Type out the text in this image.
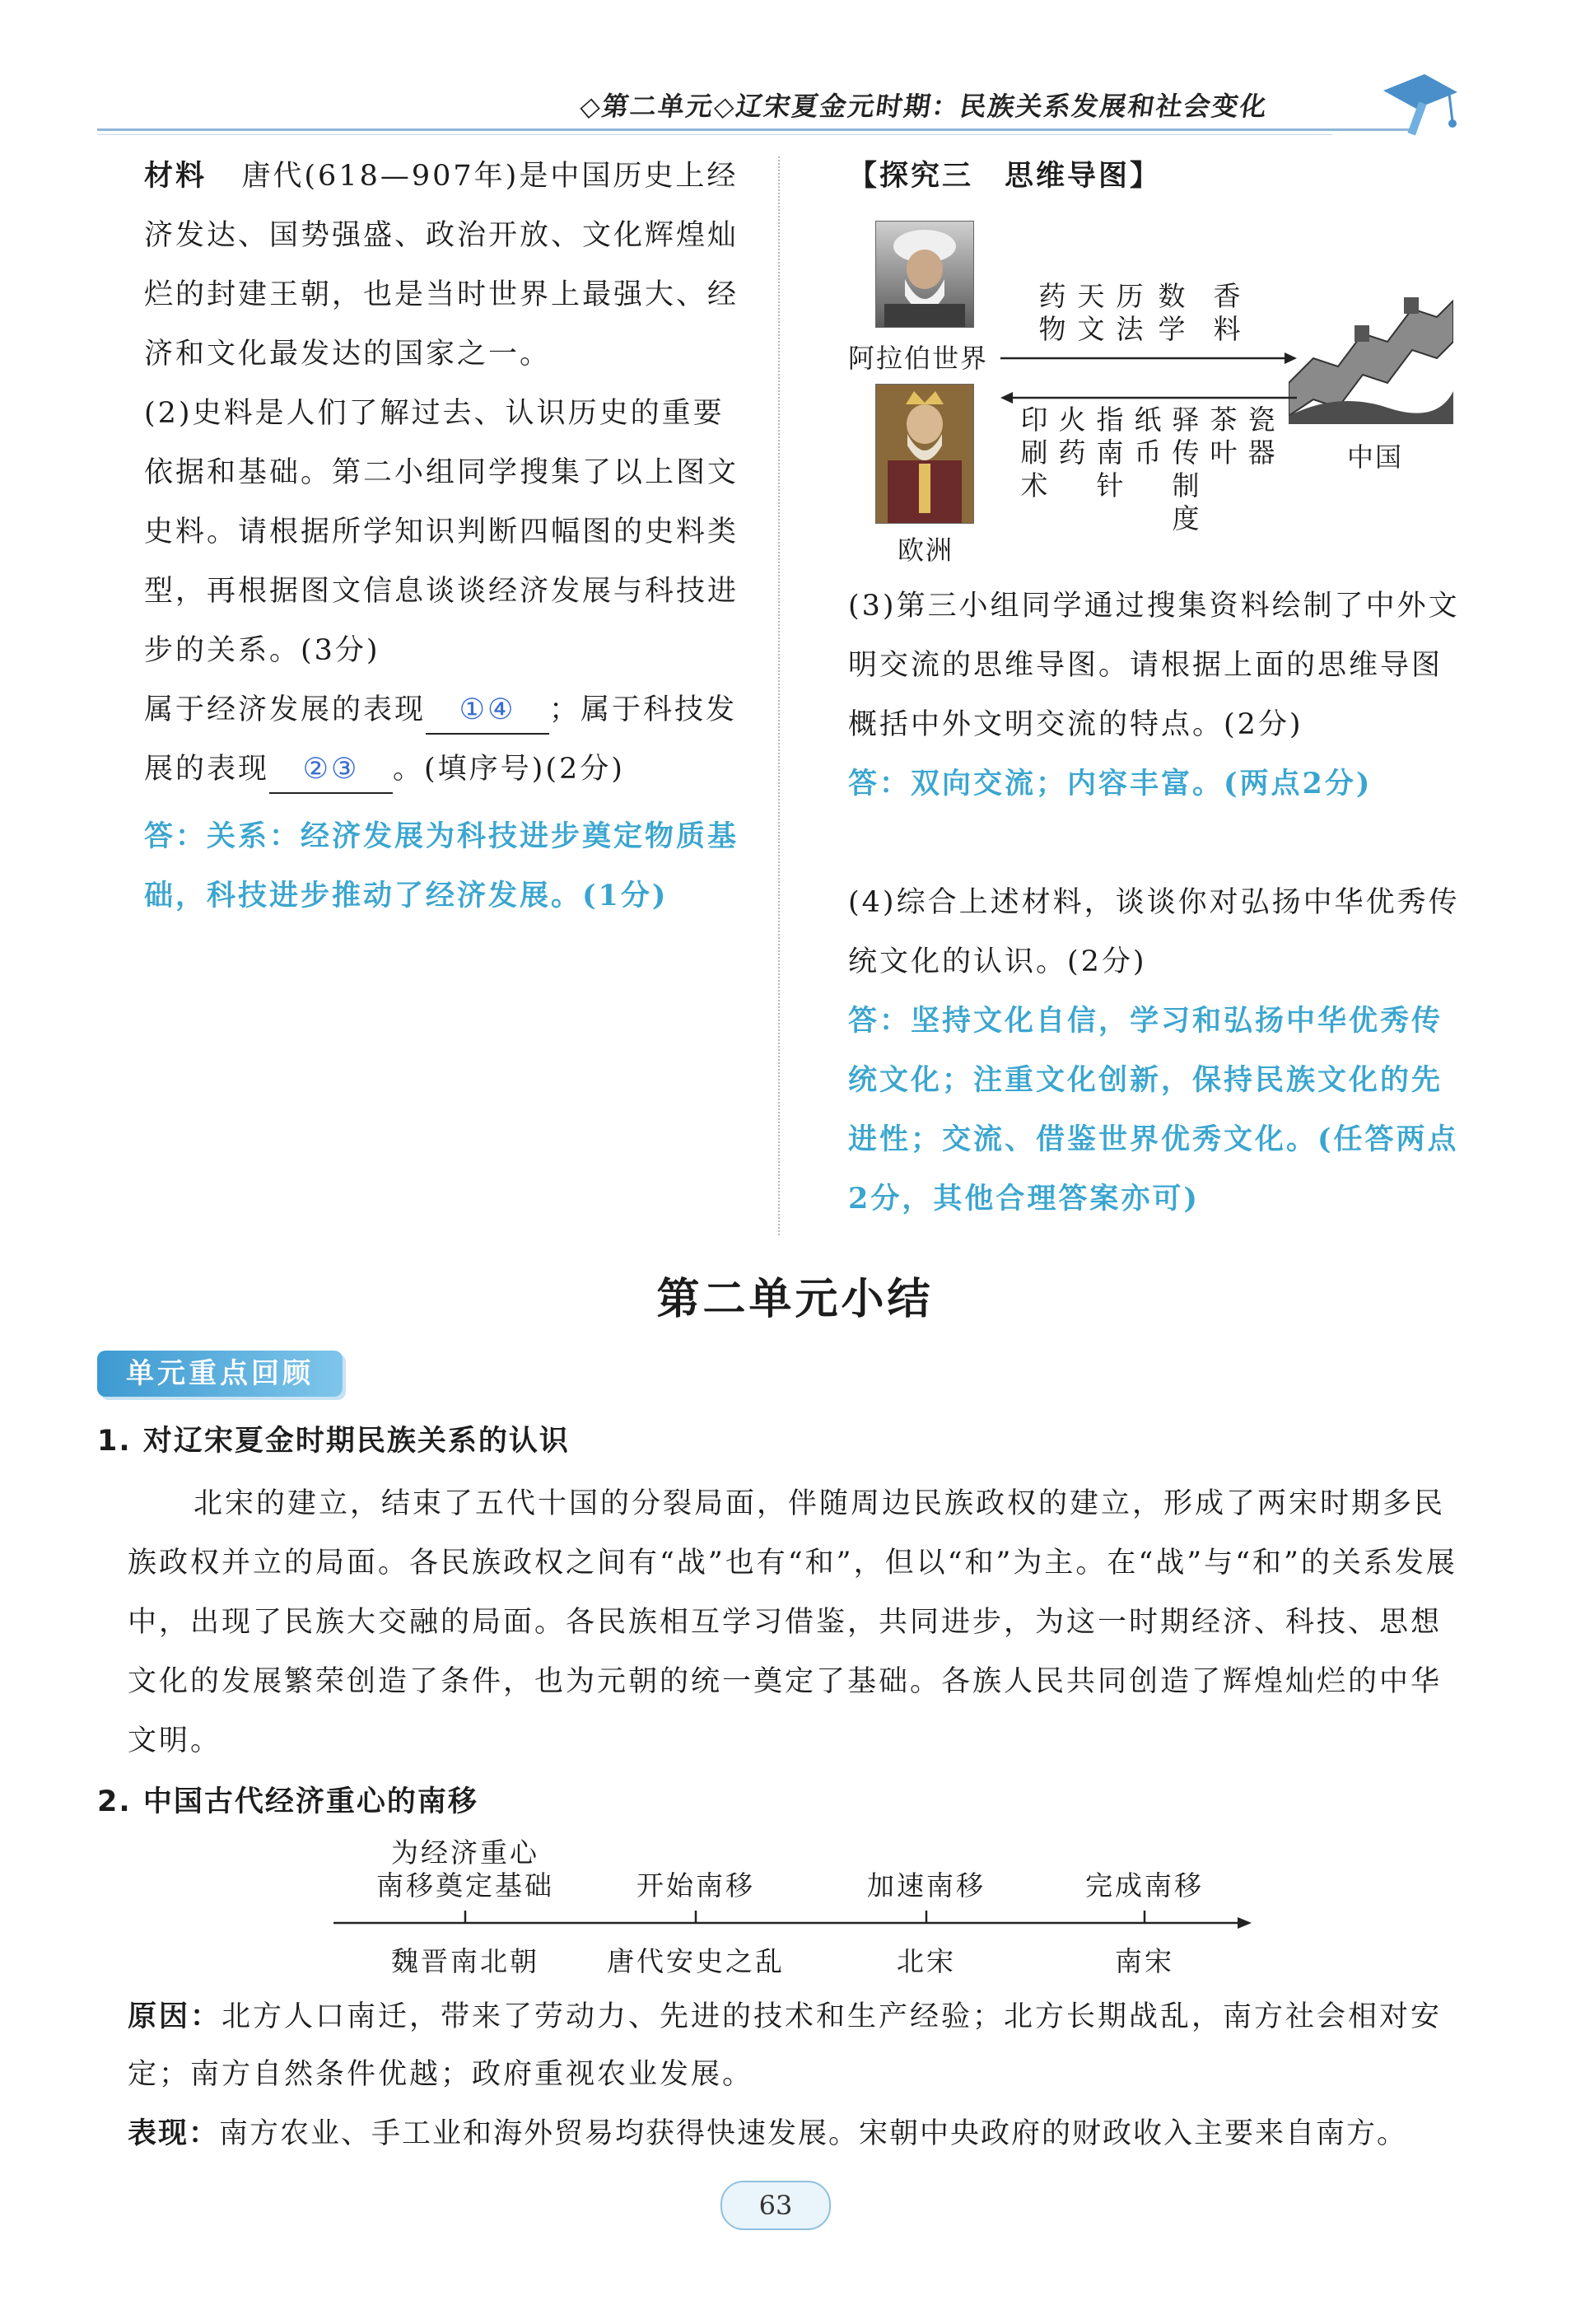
◇第二单元◇辽宋夏金元时期：民族关系发展和社会变化
材料 唐代(618—907年)是中国历史上经济发达、国势强盛、政治开放、文化辉煌灿烂的封建王朝，也是当时世界上最强大、经济和文化最发达的国家之一。
(2)史料是人们了解过去、认识历史的重要依据和基础。第二小组同学搜集了以上图文史料。请根据所学知识判断四幅图的史料类型，再根据图文信息谈谈经济发展与科技进步的关系。(3分)
属于经济发展的表现 ①④ ；属于科技发
展的表现 ②③ 。(填序号)(2分)
答：关系：经济发展为科技进步奠定物质基础，科技进步推动了经济发展。(1分)
【探究三　思维导图】
阿拉伯世界
欧洲
中国
药物
天文
历法
数学
香料
印刷术
火药
指南针
纸币
驿传制度
茶叶
瓷器
(3)第三小组同学通过搜集资料绘制了中外文明交流的思维导图。请根据上面的思维导图概括中外文明交流的特点。(2分)
答：双向交流；内容丰富。(两点2分)
(4)综合上述材料，谈谈你对弘扬中华优秀传统文化的认识。(2分)
答：坚持文化自信，学习和弘扬中华优秀传统文化；注重文化创新，保持民族文化的先进性；交流、借鉴世界优秀文化。(任答两点2分，其他合理答案亦可)
第二单元小结
单元重点回顾
1. 对辽宋夏金时期民族关系的认识
北宋的建立，结束了五代十国的分裂局面，伴随周边民族政权的建立，形成了两宋时期多民族政权并立的局面。各民族政权之间有“战”也有“和”，但以“和”为主。在“战”与“和”的关系发展中，出现了民族大交融的局面。各民族相互学习借鉴，共同进步，为这一时期经济、科技、思想文化的发展繁荣创造了条件，也为元朝的统一奠定了基础。各族人民共同创造了辉煌灿烂的中华文明。
2. 中国古代经济重心的南移
为经济重心
南移奠定基础	开始南移	加速南移	完成南移
魏晋南北朝	唐代安史之乱	北宋	南宋
原因：北方人口南迁，带来了劳动力、先进的技术和生产经验；北方长期战乱，南方社会相对安定；南方自然条件优越；政府重视农业发展。
表现：南方农业、手工业和海外贸易均获得快速发展。宋朝中央政府的财政收入主要来自南方。
63
